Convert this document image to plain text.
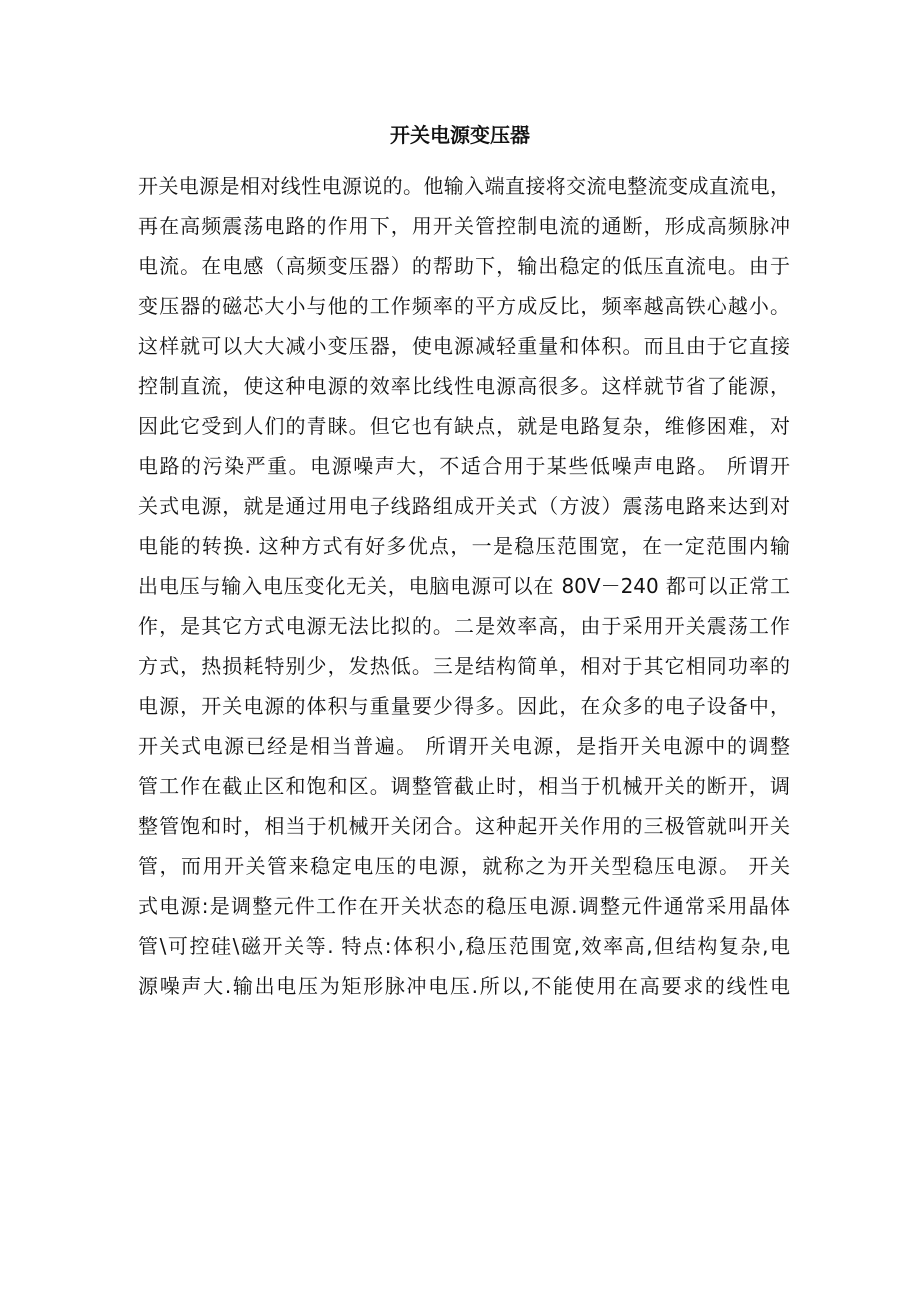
开关电源变压器
开关电源是相对线性电源说的。他输入端直接将交流电整流变成直流电，
再在高频震荡电路的作用下，用开关管控制电流的通断，形成高频脉冲
电流。在电感（高频变压器）的帮助下，输出稳定的低压直流电。由于
变压器的磁芯大小与他的工作频率的平方成反比，频率越高铁心越小。
这样就可以大大减小变压器，使电源减轻重量和体积。而且由于它直接
控制直流，使这种电源的效率比线性电源高很多。这样就节省了能源，
因此它受到人们的青睐。但它也有缺点，就是电路复杂，维修困难，对
电路的污染严重。电源噪声大，不适合用于某些低噪声电路。 所谓开
关式电源，就是通过用电子线路组成开关式（方波）震荡电路来达到对
电能的转换. 这种方式有好多优点，一是稳压范围宽，在一定范围内输
出电压与输入电压变化无关，电脑电源可以在 80V－240 都可以正常工
作，是其它方式电源无法比拟的。二是效率高，由于采用开关震荡工作
方式，热损耗特别少，发热低。三是结构简单，相对于其它相同功率的
电源，开关电源的体积与重量要少得多。因此，在众多的电子设备中，
开关式电源已经是相当普遍。 所谓开关电源，是指开关电源中的调整
管工作在截止区和饱和区。调整管截止时，相当于机械开关的断开，调
整管饱和时，相当于机械开关闭合。这种起开关作用的三极管就叫开关
管，而用开关管来稳定电压的电源，就称之为开关型稳压电源。 开关
式电源:是调整元件工作在开关状态的稳压电源.调整元件通常采用晶体
管\可控硅\磁开关等. 特点:体积小,稳压范围宽,效率高,但结构复杂,电
源噪声大.输出电压为矩形脉冲电压.所以,不能使用在高要求的线性电
